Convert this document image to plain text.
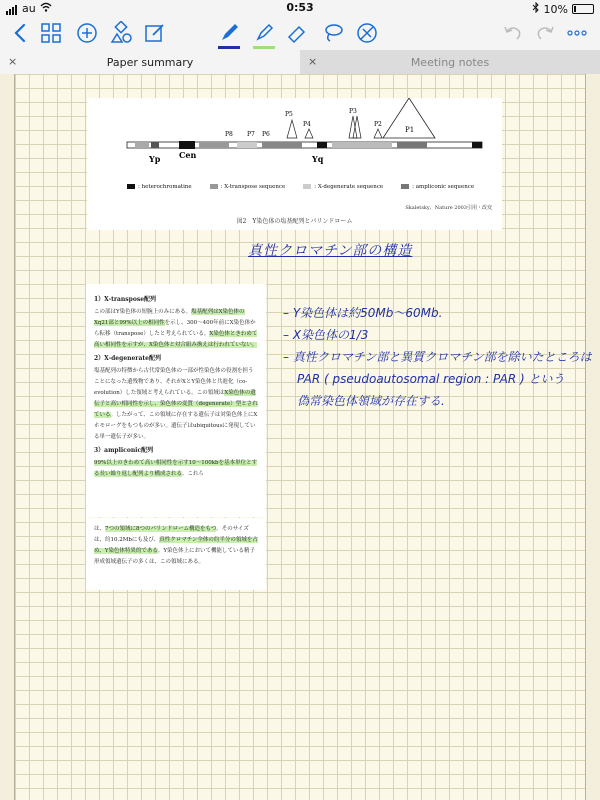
au	0:53	10%
×	Paper summary	×	Meeting notes
P1
P2
P3
P4
P5
P6
P7
P8
Yp Cen	Yq
: heterochromatine	: X-transpose sequence	: X-degenerate sequence	: ampliconic sequence
Skaletsky、Nature 2003引用・改変
図2　Y染色体の塩基配列とパリンドローム
真性クロマチン部の構造
1）X-transpose配列

この部はY染色体の短腕上のみにある。塩基配列はX染色体のXq21部と99%以上の相同性を示し、300～400年前にX染色体から転移（transpose）したと考えられている。X染色体ときわめて高い相同性を示すが、X染色体と対合組み換えは行われていない。

2）X-degenerate配列

塩基配列の特徴から古代常染色体の一部が性染色体の役割を担うことになった遺残物であり、それがXとY染色体と共進化（co-evolution）した領域と考えられている。この領域はX染色体の遺伝子と高い相同性を示し、染色体の変質（degenerate）型とされている。したがって、この領域に存在する遺伝子は対染色体上にXホモローグをもつものが多い。遺伝子はubiquitousに発現している単一遺伝子が多い。

3）ampliconic配列

99%以上のきわめて高い相同性を示す10～100kbを基本単位とする長い繰り返し配列より構成される。これら

は、7つの領域に8つのパリンドローム構造をもつ。そのサイズは、約10.2Mbにも及び、真性クロマチン全体の約半分の領域を占め、Y染色体特異的である。Y染色体上において機能している精子形成領域遺伝子の多くは、この領域にある。

– Y染色体は約50Mb～60Mb.
– X染色体の1/3
– 真性クロマチン部と異質クロマチン部を除いたところは
PAR ( pseudoautosomal region : PAR ) という
偽常染色体領域が存在する.
